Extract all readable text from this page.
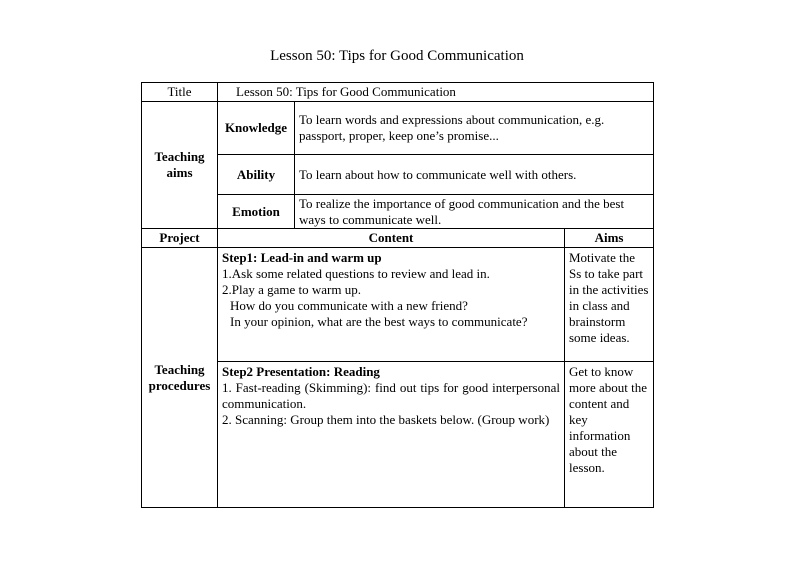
Lesson 50: Tips for Good Communication
Title	Lesson 50: Tips for Good Communication		

Teaching
aims	Knowledge	To learn words and expressions about communication, e.g. passport, proper, keep one’s promise...	
	Ability	To learn about how to communicate well with others.	
	Emotion	To realize the importance of good communication and the best ways to communicate well.	
Project	Content		Aims

Teaching
procedures	Step1: Lead-in and warm up
1.Ask some related questions to review and lead in.
2.Play a game to warm up.
How do you communicate with a new friend?
In your opinion, what are the best ways to communicate?		Motivate the Ss to take part in the activities in class and brainstorm some ideas.

	Step2 Presentation: Reading
1. Fast-reading (Skimming): find out tips for good interpersonal communication.
2. Scanning: Group them into the baskets below. (Group work)		Get to know more about the content and key information about the lesson.
